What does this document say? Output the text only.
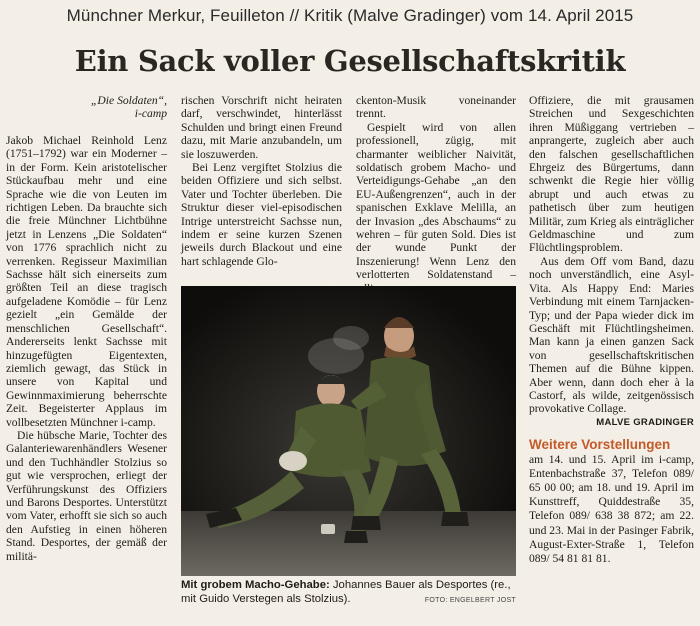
Münchner Merkur, Feuilleton // Kritik (Malve Gradinger) vom 14. April 2015
Ein Sack voller Gesellschaftskritik
„Die Soldaten“,
i-camp

Jakob Michael Reinhold Lenz (1751–1792) war ein Moderner – in der Form. Kein aristotelischer Stückaufbau mehr und eine Sprache wie die von Leuten im richtigen Leben. Da brauchte sich die freie Münchner Lichtbühne jetzt in Lenzens „Die Soldaten“ von 1776 sprachlich nicht zu verrenken. Regisseur Maximilian Sachsse hält sich einerseits zum größten Teil an diese tragisch aufgeladene Komödie – für Lenz gezielt „ein Gemälde der menschlichen Gesellschaft“. Andererseits lenkt Sachsse mit hinzugefügten Eigentexten, ziemlich gewagt, das Stück in unsere von Kapital und Gewinnmaximierung beherrschte Zeit. Begeisterter Applaus im vollbesetzten Münchner i-camp.

Die hübsche Marie, Tochter des Galanteriewarenhändlers Wesener und den Tuchhändler Stolzius so gut wie versprochen, erliegt der Verführungskunst des Offiziers und Barons Desportes. Unterstützt vom Vater, erhofft sie sich so auch den Aufstieg in einen höheren Stand. Desportes, der gemäß der militä-

rischen Vorschrift nicht heiraten darf, verschwindet, hinterlässt Schulden und bringt einen Freund dazu, mit Marie anzubandeln, um sie loszuwerden.

Bei Lenz vergiftet Stolzius die beiden Offiziere und sich selbst. Vater und Tochter überleben. Die Struktur dieser viel-episodischen Intrige unterstreicht Sachsse nun, indem er seine kurzen Szenen jeweils durch Blackout und eine hart schlagende Glo-

ckenton-Musik voneinander trennt.

Gespielt wird von allen professionell, zügig, mit charmanter weiblicher Naivität, soldatisch grobem Macho- und Verteidigungs-Gehabe „an den EU-Außengrenzen“, auch in der spanischen Exklave Melilla, an der Invasion „des Abschaums“ zu wehren – für guten Sold. Dies ist der wunde Punkt der Inszenierung! Wenn Lenz den verlotterten Soldatenstand –

Offiziere, die mit grausamen Streichen und Sexgeschichten ihren Müßiggang vertrieben – anprangerte, zugleich aber auch den falschen gesellschaftlichen Ehrgeiz des Bürgertums, dann schwenkt die Regie hier völlig abrupt und auch etwas zu pathetisch über zum heutigen Militär, zum Krieg als einträglicher Geldmaschine und zum Flüchtlingsproblem.

Aus dem Off vom Band, dazu noch unverständlich, eine Asyl-Vita. Als Happy End: Maries Verbindung mit einem Tarnjacken-Typ; und der Papa wieder dick im Geschäft mit Flüchtlingsheimen. Man kann ja einen ganzen Sack von gesellschaftskritischen Themen auf die Bühne kippen. Aber wenn, dann doch eher à la Castorf, als wilde, zeitgenössisch provokative Collage.

MALVE GRADINGER
Weitere Vorstellungen
am 14. und 15. April im i-camp, Entenbachstraße 37, Telefon 089/ 65 00 00; am 18. und 19. April im Kunsttreff, Quiddestraße 35, Telefon 089/ 638 38 872; am 22. und 23. Mai in der Pasinger Fabrik, August-Exter-Straße 1, Telefon 089/ 54 81 81 81.
Mit grobem Macho-Gehabe: Johannes Bauer als Desportes (re., mit Guido Verstegen als Stolzius).	FOTO: ENGELBERT JOST
